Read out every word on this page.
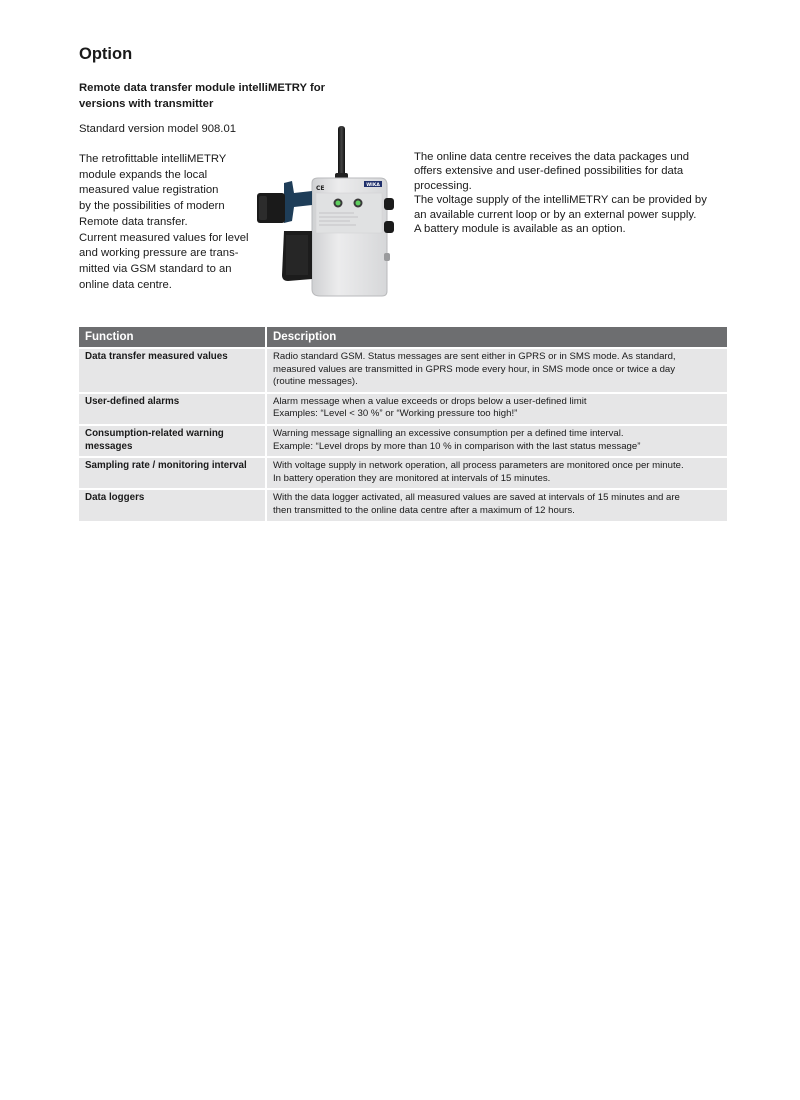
Option

Remote data transfer module intelliMETRY for versions with transmitter

Standard version model 908.01

The retrofittable intelliMETRY
module expands the local
measured value registration
by the possibilities of modern
Remote data transfer.
Current measured values for level
and working pressure are trans-
mitted via GSM standard to an
online data centre.
WIKA
CE
The online data centre receives the data packages und
offers extensive and user-defined possibilities for data
processing.
The voltage supply of the intelliMETRY can be provided by
an available current loop or by an external power supply.
A battery module is available as an option.
Function	Description
Data transfer measured values	Radio standard GSM. Status messages are sent either in GPRS or in SMS mode. As standard,
measured values are transmitted in GPRS mode every hour, in SMS mode once or twice a day
(routine messages).

User-defined alarms	Alarm message when a value exceeds or drops below a user-defined limit
Examples: “Level < 30 %” or “Working pressure too high!”

Consumption-related warning messages	Warning message signalling an excessive consumption per a defined time interval.
Example: “Level drops by more than 10 % in comparison with the last status message”

Sampling rate / monitoring interval	With voltage supply in network operation, all process parameters are monitored once per minute.
In battery operation they are monitored at intervals of 15 minutes.

Data loggers	With the data logger activated, all measured values are saved at intervals of 15 minutes and are
then transmitted to the online data centre after a maximum of 12 hours.
